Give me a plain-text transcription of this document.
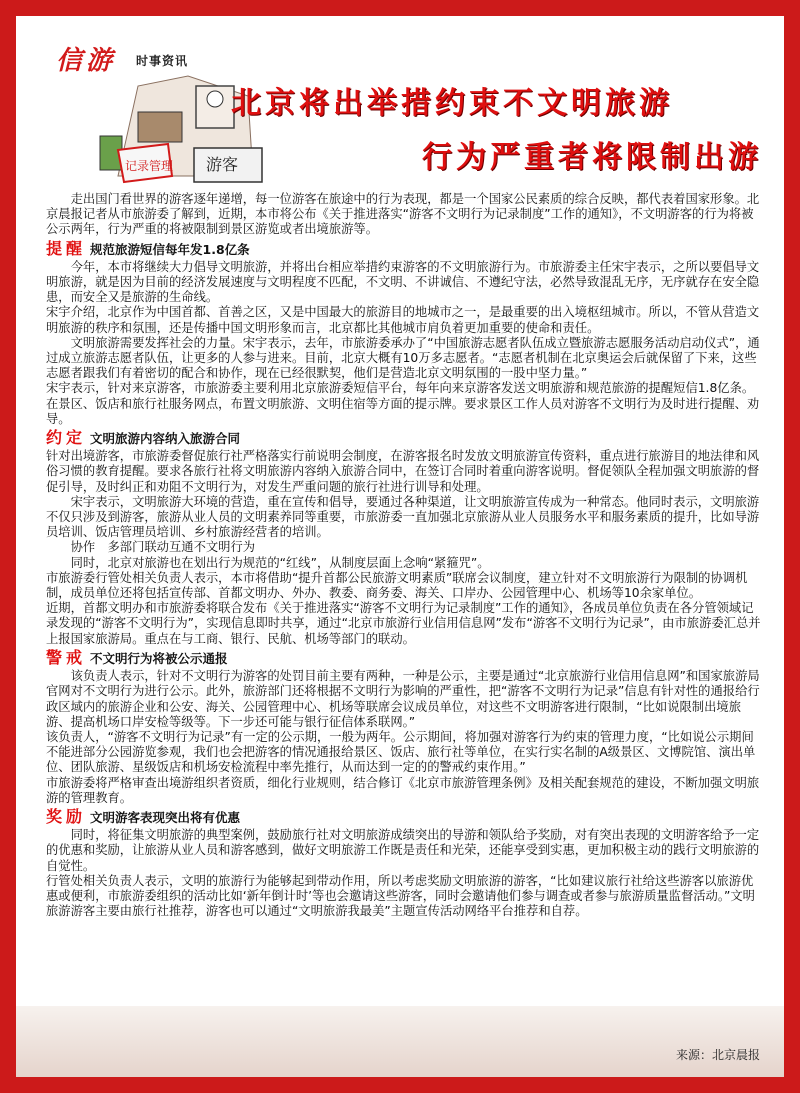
信游 时事资讯
记录管理 游客
北京将出举措约束不文明旅游
行为严重者将限制出游

走出国门看世界的游客逐年递增，每一位游客在旅途中的行为表现，都是一个国家公民素质的综合反映，都代表着国家形象。北京晨报记者从市旅游委了解到，近期，本市将公布《关于推进落实“游客不文明行为记录制度”工作的通知》，不文明游客的行为将被公示两年，行为严重的将被限制到景区游览或者出境旅游等。

提醒 规范旅游短信每年发1.8亿条

今年，本市将继续大力倡导文明旅游，并将出台相应举措约束游客的不文明旅游行为。市旅游委主任宋宇表示，之所以要倡导文明旅游，就是因为目前的经济发展速度与文明程度不匹配，不文明、不讲诚信、不遵纪守法，必然导致混乱无序，无序就存在安全隐患，而安全又是旅游的生命线。

宋宇介绍，北京作为中国首都、首善之区，又是中国最大的旅游目的地城市之一，是最重要的出入境枢纽城市。所以，不管从营造文明旅游的秩序和氛围，还是传播中国文明形象而言，北京都比其他城市肩负着更加重要的使命和责任。

文明旅游需要发挥社会的力量。宋宇表示，去年，市旅游委承办了“中国旅游志愿者队伍成立暨旅游志愿服务活动启动仪式”，通过成立旅游志愿者队伍，让更多的人参与进来。目前，北京大概有10万多志愿者。“志愿者机制在北京奥运会后就保留了下来，这些志愿者跟我们有着密切的配合和协作，现在已经很默契，他们是营造北京文明氛围的一股中坚力量。”

宋宇表示，针对来京游客，市旅游委主要利用北京旅游委短信平台，每年向来京游客发送文明旅游和规范旅游的提醒短信1.8亿条。在景区、饭店和旅行社服务网点，布置文明旅游、文明住宿等方面的提示牌。要求景区工作人员对游客不文明行为及时进行提醒、劝导。

约定 文明旅游内容纳入旅游合同

针对出境游客，市旅游委督促旅行社严格落实行前说明会制度，在游客报名时发放文明旅游宣传资料，重点进行旅游目的地法律和风俗习惯的教育提醒。要求各旅行社将文明旅游内容纳入旅游合同中，在签订合同时着重向游客说明。督促领队全程加强文明旅游的督促引导，及时纠正和劝阻不文明行为，对发生严重问题的旅行社进行训导和处理。

宋宇表示，文明旅游大环境的营造，重在宣传和倡导，要通过各种渠道，让文明旅游宣传成为一种常态。他同时表示，文明旅游不仅只涉及到游客，旅游从业人员的文明素养同等重要，市旅游委一直加强北京旅游从业人员服务水平和服务素质的提升，比如导游员培训、饭店管理员培训、乡村旅游经营者的培训。

协作　多部门联动互通不文明行为

同时，北京对旅游也在划出行为规范的“红线”，从制度层面上念响“紧箍咒”。

市旅游委行管处相关负责人表示，本市将借助“提升首都公民旅游文明素质”联席会议制度，建立针对不文明旅游行为限制的协调机制，成员单位还将包括宣传部、首都文明办、外办、教委、商务委、海关、口岸办、公园管理中心、机场等10余家单位。

近期，首都文明办和市旅游委将联合发布《关于推进落实“游客不文明行为记录制度”工作的通知》，各成员单位负责在各分管领域记录发现的“游客不文明行为”，实现信息即时共享，通过“北京市旅游行业信用信息网”发布“游客不文明行为记录”，由市旅游委汇总并上报国家旅游局。重点在与工商、银行、民航、机场等部门的联动。

警戒 不文明行为将被公示通报

该负责人表示，针对不文明行为游客的处罚目前主要有两种，一种是公示，主要是通过“北京旅游行业信用信息网”和国家旅游局官网对不文明行为进行公示。此外，旅游部门还将根据不文明行为影响的严重性，把“游客不文明行为记录”信息有针对性的通报给行政区域内的旅游企业和公安、海关、公园管理中心、机场等联席会议成员单位，对这些不文明游客进行限制，“比如说限制出境旅游、提高机场口岸安检等级等。下一步还可能与银行征信体系联网。”

该负责人，“游客不文明行为记录”有一定的公示期，一般为两年。公示期间，将加强对游客行为约束的管理力度，“比如说公示期间不能进部分公园游览参观，我们也会把游客的情况通报给景区、饭店、旅行社等单位，在实行实名制的A级景区、文博院馆、演出单位、团队旅游、星级饭店和机场安检流程中率先推行，从而达到一定的的警戒约束作用。”

市旅游委将严格审查出境游组织者资质，细化行业规则，结合修订《北京市旅游管理条例》及相关配套规范的建设，不断加强文明旅游的管理教育。

奖励 文明游客表现突出将有优惠

同时，将征集文明旅游的典型案例，鼓励旅行社对文明旅游成绩突出的导游和领队给予奖励，对有突出表现的文明游客给予一定的优惠和奖励，让旅游从业人员和游客感到，做好文明旅游工作既是责任和光荣，还能享受到实惠，更加积极主动的践行文明旅游的自觉性。

行管处相关负责人表示，文明的旅游行为能够起到带动作用，所以考虑奖励文明旅游的游客，“比如建议旅行社给这些游客以旅游优惠或便利，市旅游委组织的活动比如‘新年倒计时’等也会邀请这些游客，同时会邀请他们参与调查或者参与旅游质量监督活动。”文明旅游游客主要由旅行社推荐，游客也可以通过“文明旅游我最美”主题宣传活动网络平台推荐和自荐。

来源：北京晨报
